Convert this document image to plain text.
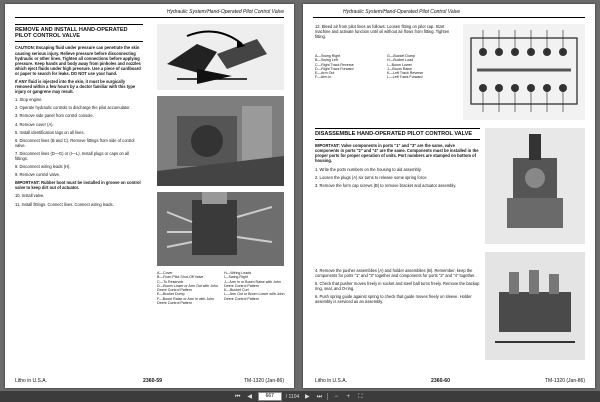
Hydraulic System/Hand-Operated Pilot Control Valve
REMOVE AND INSTALL HAND-OPERATED PILOT CONTROL VALVE

CAUTION: Escaping fluid under pressure can penetrate the skin causing serious injury. Relieve pressure before disconnecting hydraulic or other lines. Tighten all connections before applying pressure. Keep hands and body away from pinholes and nozzles which eject fluids under high pressure. Use a piece of cardboard or paper to search for leaks. DO NOT use your hand.

If ANY fluid is injected into the skin, it must be surgically removed within a few hours by a doctor familiar with this type injury or gangrene may result.

1. Stop engine.

2. Operate hydraulic controls to discharge the pilot accumulator.

3. Remove side panel from control console.

4. Remove cover (A).

5. Install identification tags on all lines.

6. Disconnect lines (B and C). Remove fittings from side of control valve.

7. Disconnect lines (D—G) or (I—L). Install plugs or caps on all fittings.

8. Disconnect wiring leads (H).

9. Remove control valve.

IMPORTANT: Rubber boot must be installed in groove on control valve to keep dirt out of actuator.

10. Install valve.

11. Install fittings. Connect lines. Connect wiring leads.

A—Cover
B—From Pilot Shut-Off Valve
C—To Reservoir
D—Boom Lower or Arm Out with John Deere Control Pattern
E—Bucket Dump
F—Boom Raise or Arm In with John Deere Control Pattern
H—Wiring Leads
I—Swing Right
J—Arm In or Boom Raise with John Deere Control Pattern
K—Bucket Curl
L—Arm Out or Boom Lower with John Deere Control Pattern
Litho in U.S.A.	2360-59	TM-1320 (Jan-86)
Hydraulic System/Hand-Operated Pilot Control Valve

12. Bleed air from pilot lines as follows: Loosen fitting on pilot cap. Start machine and activate function until oil without air flows from fitting. Tighten fitting.

A—Swing Right
B—Swing Left
C—Right Track Reverse
D—Right Track Forward
E—Arm Out
F—Arm In
G—Bucket Dump
H—Bucket Load
I—Boom Lower
J—Boom Raise
K—Left Track Reverse
L—Left Track Forward
DISASSEMBLE HAND-OPERATED PILOT CONTROL VALVE

IMPORTANT: Valve components in ports "1" and "3" are the same, valve components in ports "2" and "4" are the same. Components must be installed in the proper ports for proper operation of units. Port numbers are stamped on bottom of housing.

1. Write the ports numbers on the housing to aid assembly.

2. Loosen the plugs (A) six turns to release some spring force.

3. Remove the form cap screws (B) to remove bracket and actuator assembly.

4. Remove the pusher assemblies (A) and holder assemblies (B). Remember, keep the components for ports "1" and "3" together and components for ports "2" and "4" together.

5. Check that pusher moves freely in socket and steel ball turns freely. Remove the backup ring, seal, and O-ring.

6. Push spring guide against spring to check that guide moves freely on sleeve. Holder assembly is serviced as an assembly.

Litho in U.S.A.	2360-60	TM-1320 (Jan-86)
⏮ ◀	667	/ 1104 ▶ ⏭	−	+	⛶
